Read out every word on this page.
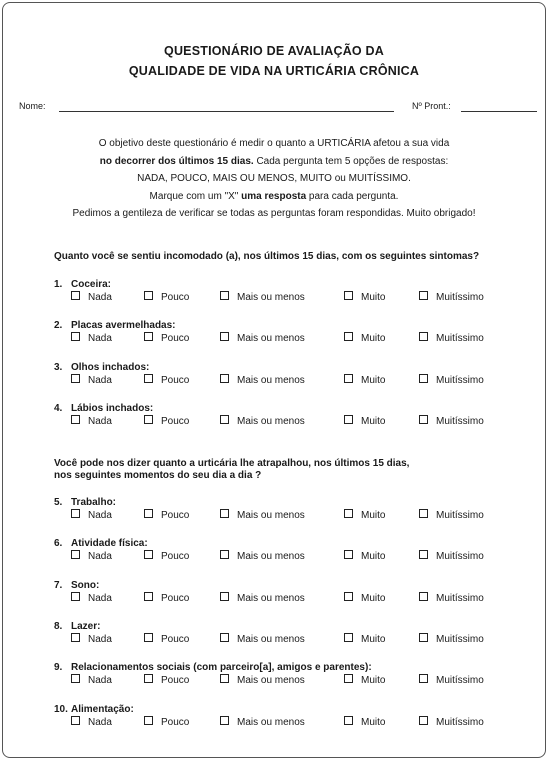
QUESTIONÁRIO DE AVALIAÇÃO DA
QUALIDADE DE VIDA NA URTICÁRIA CRÔNICA
Nome:	Nº Pront.:
O objetivo deste questionário é medir o quanto a URTICÁRIA afetou a sua vida
no decorrer dos últimos 15 dias. Cada pergunta tem 5 opções de respostas:
NADA, POUCO, MAIS OU MENOS, MUITO ou MUITÍSSIMO.
Marque com um "X" uma resposta para cada pergunta.
Pedimos a gentileza de verificar se todas as perguntas foram respondidas. Muito obrigado!
Quanto você se sentiu incomodado (a), nos últimos 15 dias, com os seguintes sintomas?
1. Coceira:
Nada	Pouco	Mais ou menos	Muito	Muitíssimo
2. Placas avermelhadas:
Nada	Pouco	Mais ou menos	Muito	Muitíssimo
3. Olhos inchados:
Nada	Pouco	Mais ou menos	Muito	Muitíssimo
4. Lábios inchados:
Nada	Pouco	Mais ou menos	Muito	Muitíssimo
Você pode nos dizer quanto a urticária lhe atrapalhou, nos últimos 15 dias,
nos seguintes momentos do seu dia a dia ?
5. Trabalho:
Nada	Pouco	Mais ou menos	Muito	Muitíssimo
6. Atividade física:
Nada	Pouco	Mais ou menos	Muito	Muitíssimo
7. Sono:
Nada	Pouco	Mais ou menos	Muito	Muitíssimo
8. Lazer:
Nada	Pouco	Mais ou menos	Muito	Muitíssimo
9. Relacionamentos sociais (com parceiro[a], amigos e parentes):
Nada	Pouco	Mais ou menos	Muito	Muitíssimo
10. Alimentação:
Nada	Pouco	Mais ou menos	Muito	Muitíssimo
